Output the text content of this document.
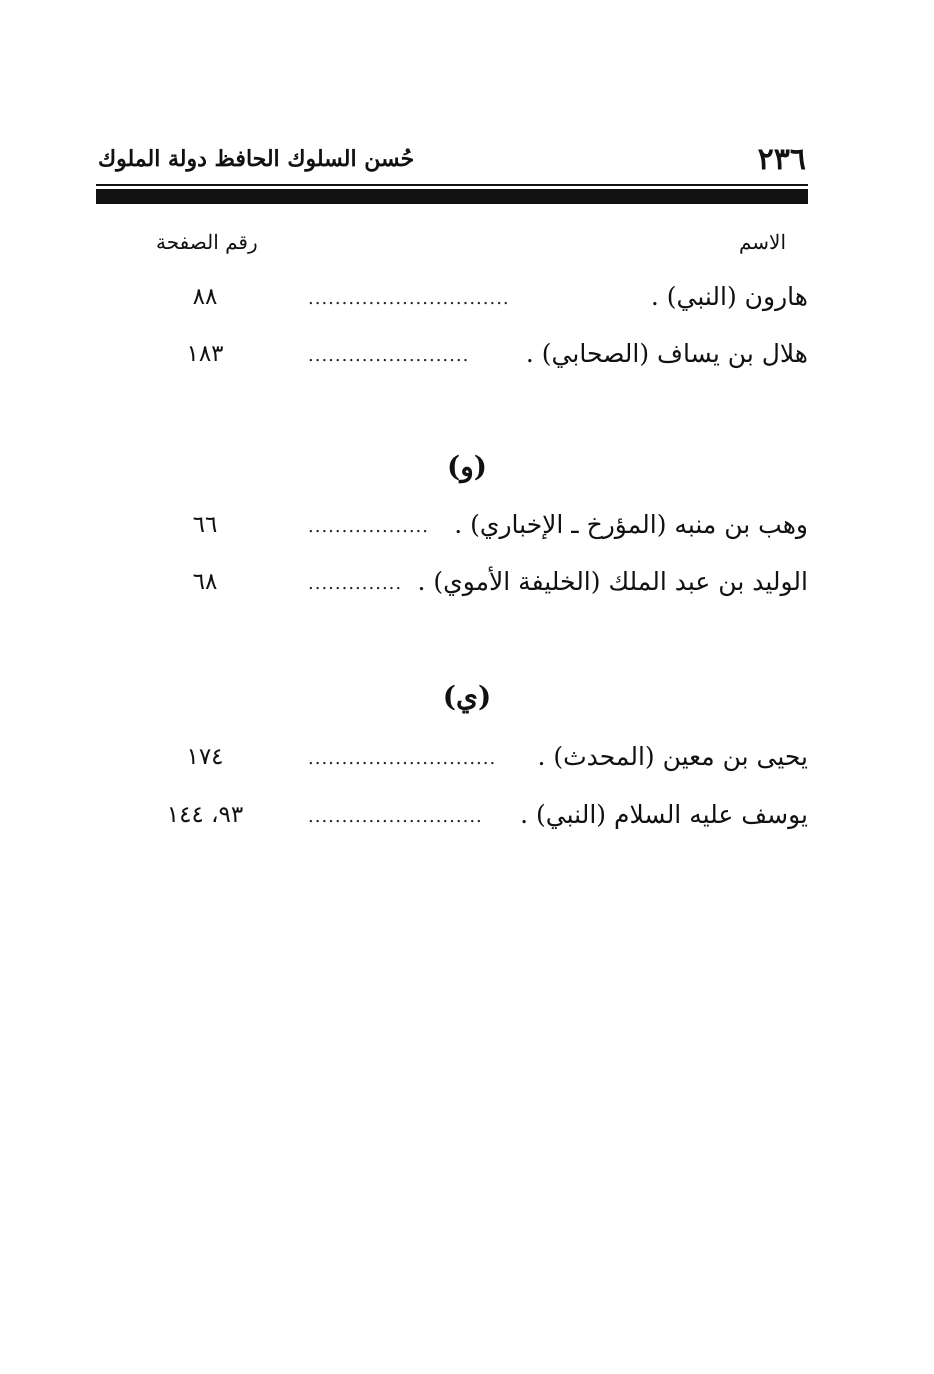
٢٣٦
حُسن السلوك الحافظ دولة الملوك
الاسم
رقم الصفحة
هارون (النبي) .
..............................
٨٨
هلال بن يساف (الصحابي) .
........................
١٨٣
(و)
وهب بن منبه (المؤرخ ـ الإخباري) .
..................
٦٦
الوليد بن عبد الملك (الخليفة الأموي) .
..............
٦٨
(ي)
يحيى بن معين (المحدث) .
............................
١٧٤
يوسف عليه السلام (النبي) .
..........................
٩٣، ١٤٤
